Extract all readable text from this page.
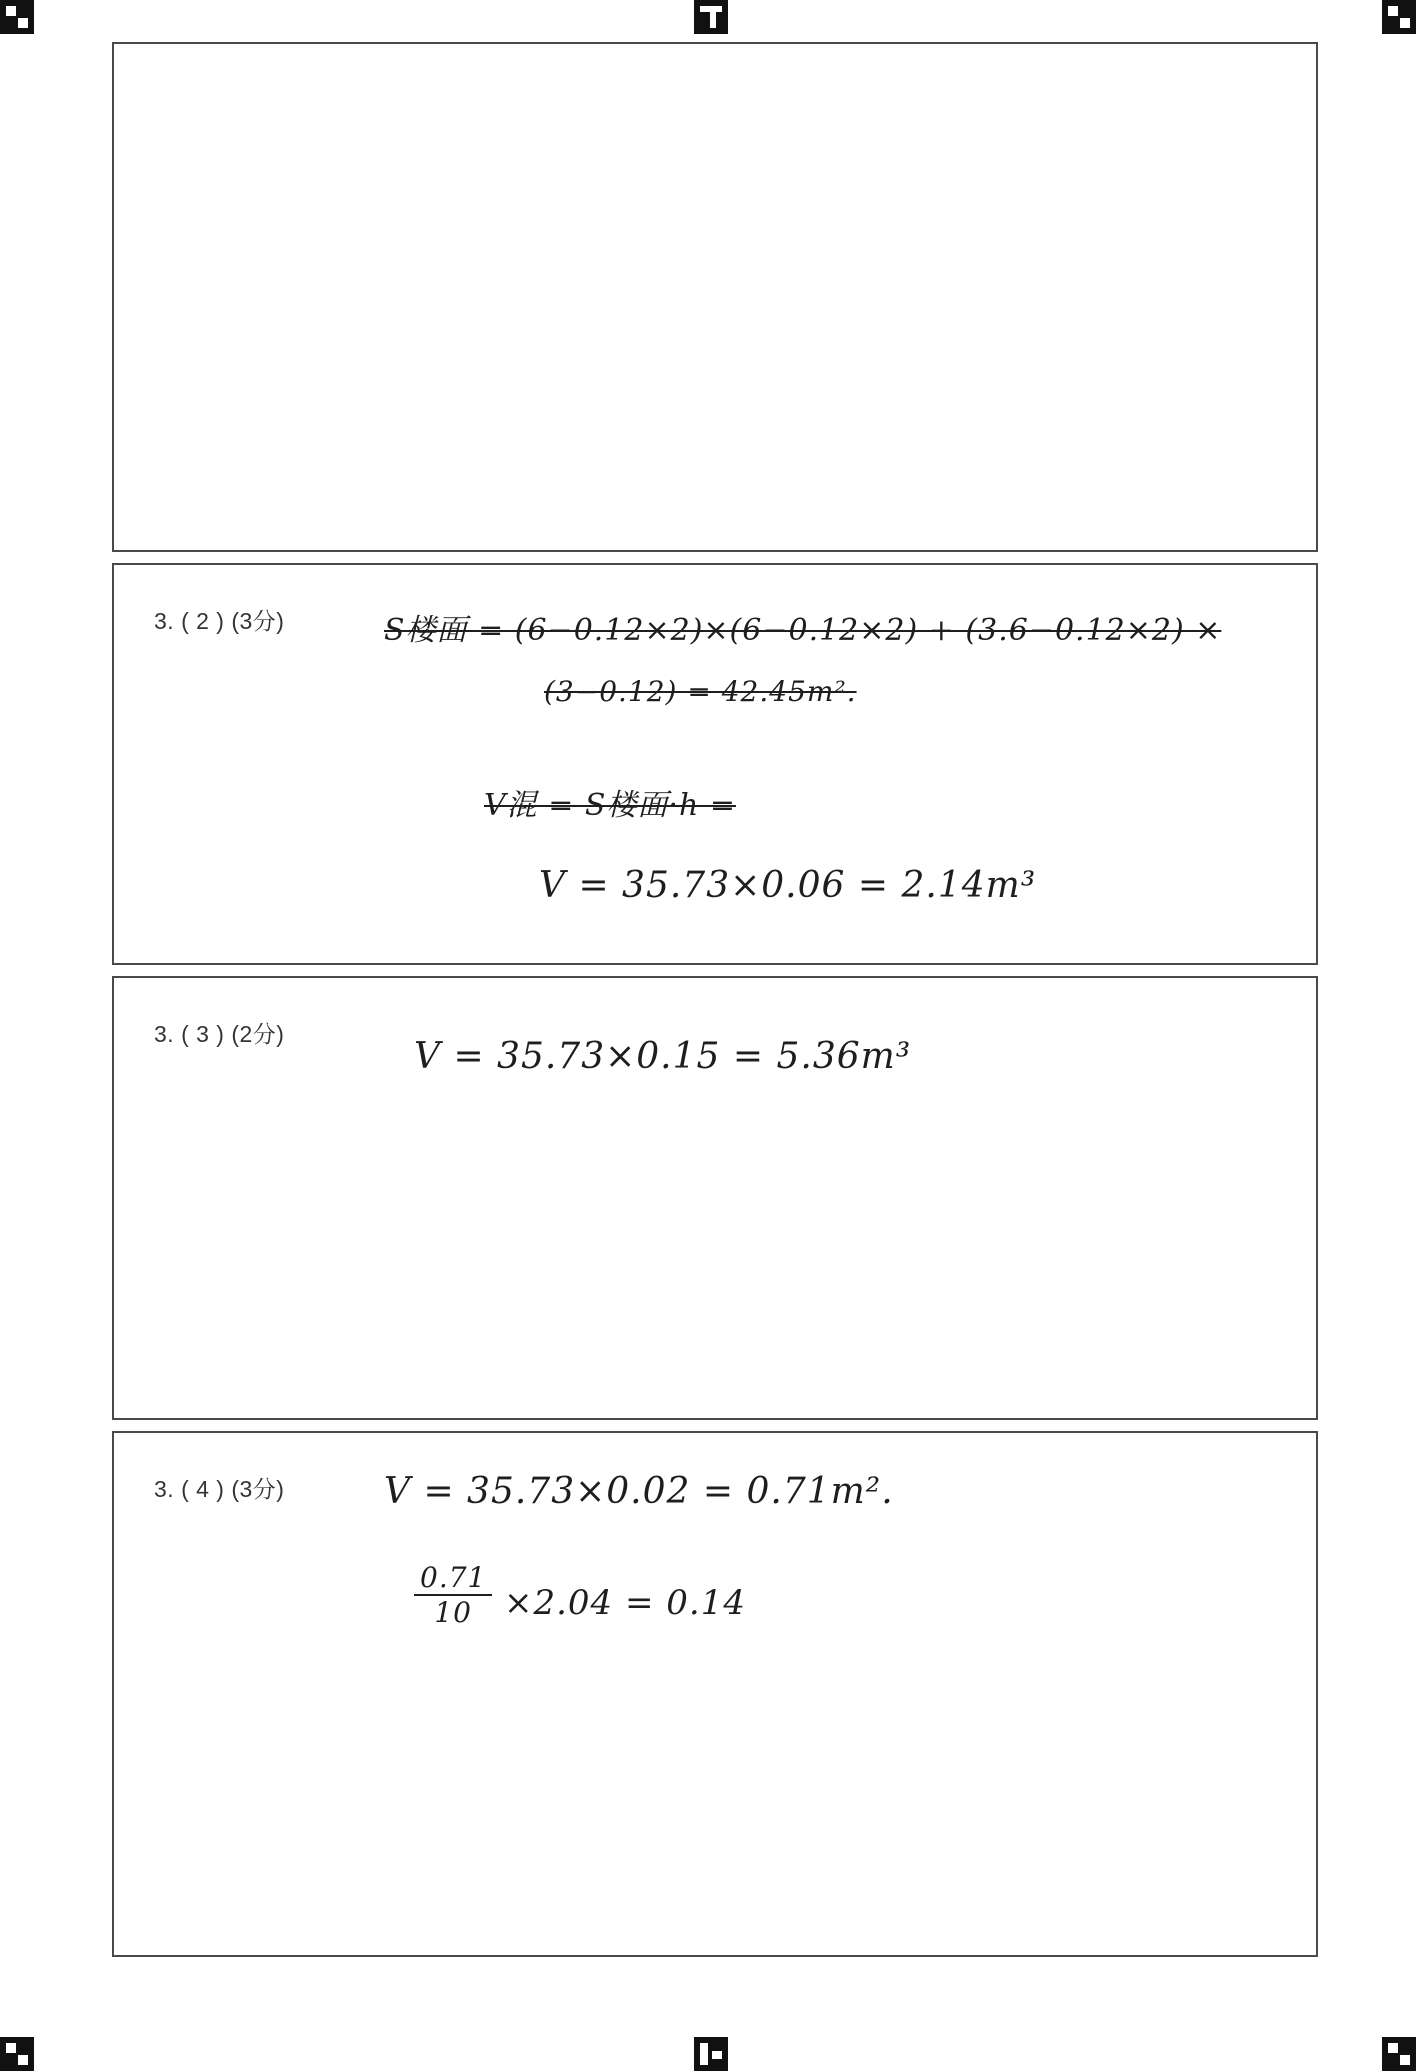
3. ( 2 ) (3分)	S楼面 = (6−0.12×2)×(6−0.12×2) + (3.6−0.12×2) ×
(3−0.12) = 42.45m².
V混 = S楼面·h =
V = 35.73×0.06 = 2.14m³
3. ( 3 ) (2分)
V = 35.73×0.15 = 5.36m³
3. ( 4 ) (3分)	V = 35.73×0.02 = 0.71m².
$\frac{0.71}{10} \times 2.04 = 0.14$
